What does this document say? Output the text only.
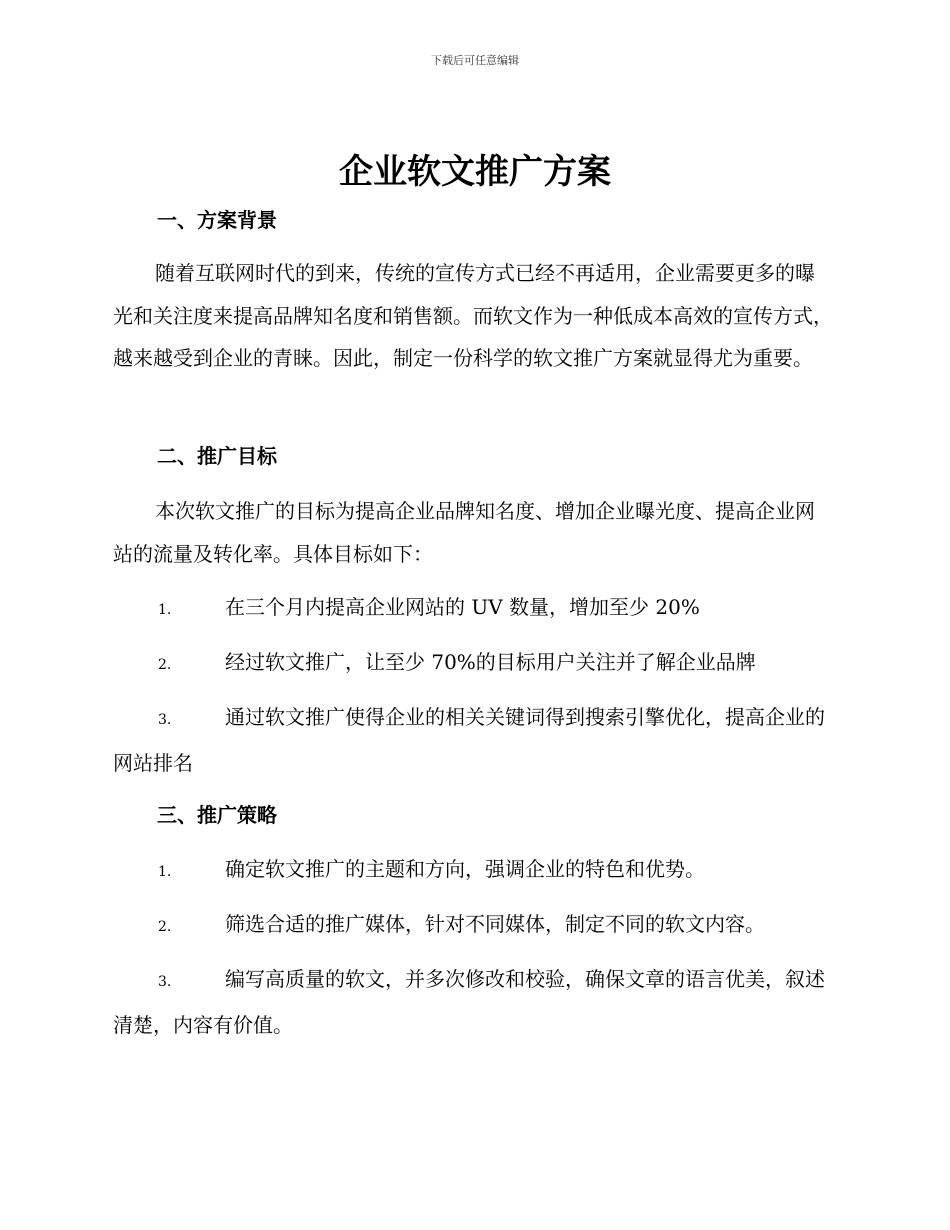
下载后可任意编辑
企业软文推广方案
一、方案背景

随着互联网时代的到来，传统的宣传方式已经不再适用，企业需要更多的曝光和关注度来提高品牌知名度和销售额。而软文作为一种低成本高效的宣传方式，越来越受到企业的青睐。因此，制定一份科学的软文推广方案就显得尤为重要。

二、推广目标

本次软文推广的目标为提高企业品牌知名度、增加企业曝光度、提高企业网站的流量及转化率。具体目标如下：

1.	在三个月内提高企业网站的 UV 数量，增加至少 20%
2.	经过软文推广，让至少 70%的目标用户关注并了解企业品牌
3.	通过软文推广使得企业的相关关键词得到搜索引擎优化，提高企业的网站排名
三、推广策略
1.	确定软文推广的主题和方向，强调企业的特色和优势。
2.	筛选合适的推广媒体，针对不同媒体，制定不同的软文内容。
3.	编写高质量的软文，并多次修改和校验，确保文章的语言优美，叙述清楚，内容有价值。
